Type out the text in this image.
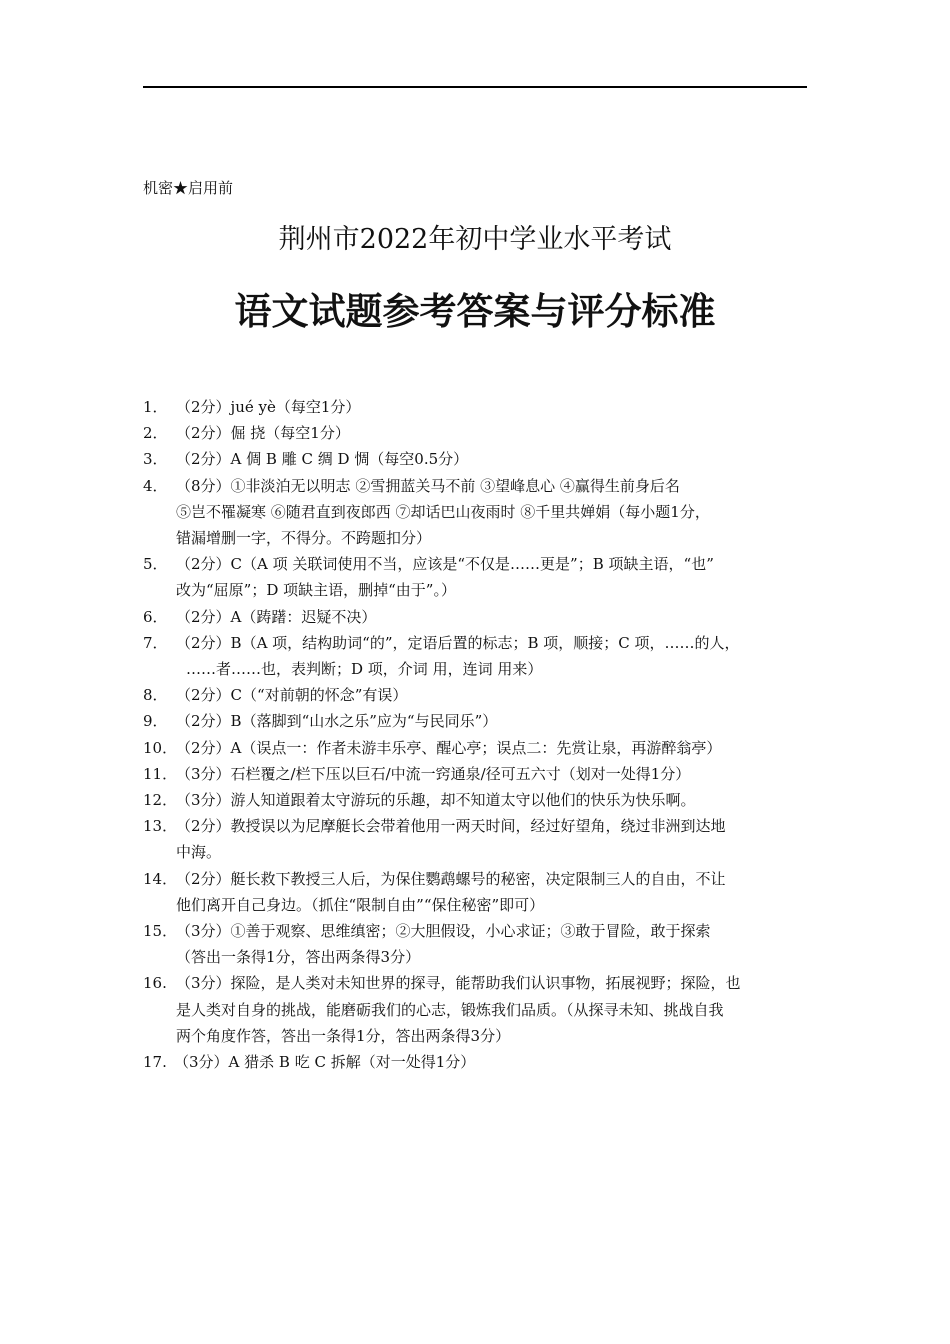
机密★启用前
荆州市2022年初中学业水平考试
语文试题参考答案与评分标准
1． （2分）jué yè（每空1分）
2． （2分）倔 挠（每空1分）
3． （2分）A 倜 B 雕 C 绸 D 惆（每空0.5分）
4． （8分）①非淡泊无以明志 ②雪拥蓝关马不前 ③望峰息心 ④赢得生前身后名
⑤岂不罹凝寒 ⑥随君直到夜郎西 ⑦却话巴山夜雨时 ⑧千里共婵娟（每小题1分，
错漏增删一字，不得分。不跨题扣分）
5． （2分）C（A 项 关联词使用不当，应该是“不仅是……更是”；B 项缺主语，“也”
改为“屈原”；D 项缺主语，删掉“由于”。）
6． （2分）A（踌躇：迟疑不决）
7． （2分）B（A 项，结构助词“的”，定语后置的标志；B 项，顺接；C 项，……的人，
……者……也，表判断；D 项，介词 用，连词 用来）
8． （2分）C（“对前朝的怀念”有误）
9． （2分）B（落脚到“山水之乐”应为“与民同乐”）
10．
（2分）A（误点一：作者未游丰乐亭、醒心亭；误点二：先赏让泉，再游醉翁亭）
11．
（3分）石栏覆之/栏下压以巨石/中流一窍通泉/径可五六寸（划对一处得1分）
12．
（3分）游人知道跟着太守游玩的乐趣，却不知道太守以他们的快乐为快乐啊。
13．
（2分）教授误以为尼摩艇长会带着他用一两天时间，经过好望角，绕过非洲到达地
中海。
14．
（2分）艇长救下教授三人后，为保住鹦鹉螺号的秘密，决定限制三人的自由，不让
他们离开自己身边。（抓住“限制自由”“保住秘密”即可）
15．
（3分）①善于观察、思维缜密；②大胆假设，小心求证；③敢于冒险，敢于探索
（答出一条得1分，答出两条得3分）
16. （3分）探险，是人类对未知世界的探寻，能帮助我们认识事物，拓展视野；探险，也
是人类对自身的挑战，能磨砺我们的心志，锻炼我们品质。（从探寻未知、挑战自我
两个角度作答，答出一条得1分，答出两条得3分）
17. （3分）A 猎杀 B 吃 C 拆解（对一处得1分）
